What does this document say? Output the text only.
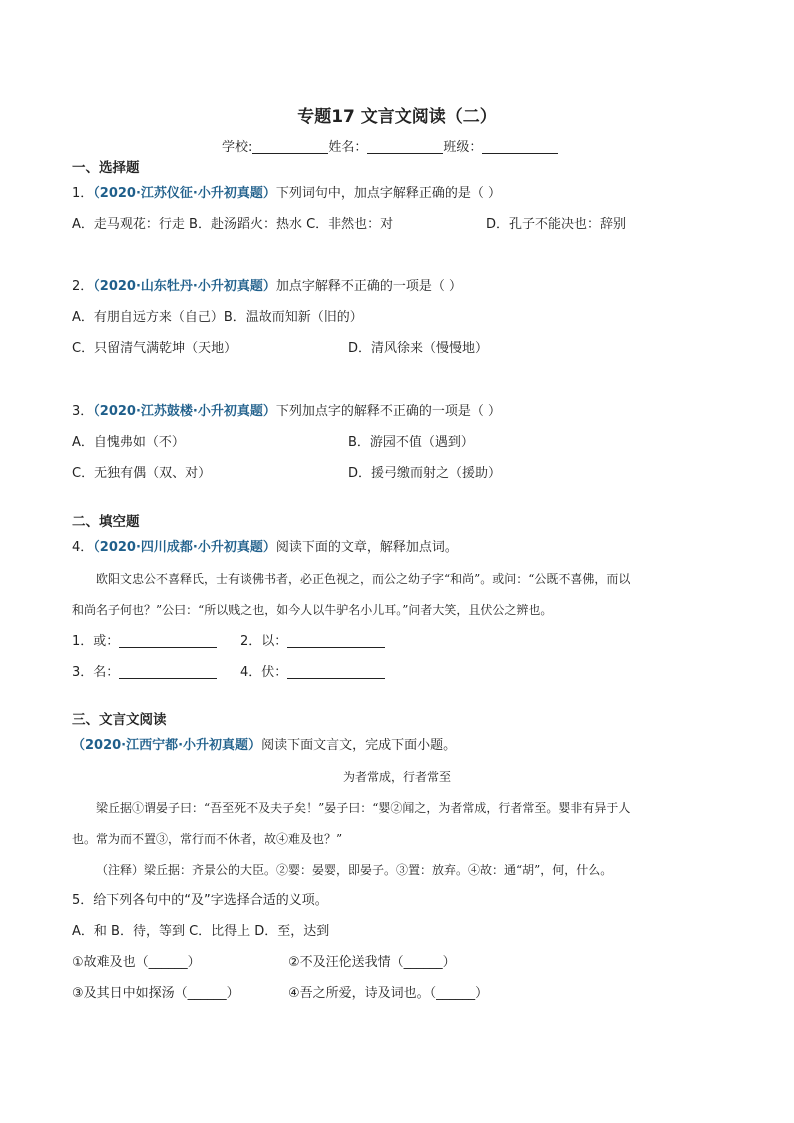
专题17 文言文阅读（二）
学校:	姓名：	班级：
一、选择题
1．（2020·江苏仪征·小升初真题）下列词句中，加点字解释正确的是（ ）
A．走马观花：行走 B．赴汤蹈火：热水 C．非然也：对	D．孔子不能决也：辞别
2．（2020·山东牡丹·小升初真题）加点字解释不正确的一项是（ ）
A．有朋自远方来（自己）B．温故而知新（旧的）
C．只留清气满乾坤（天地）	D．清风徐来（慢慢地）
3．（2020·江苏鼓楼·小升初真题）下列加点字的解释不正确的一项是（ ）
A．自愧弗如（不）	B．游园不值（遇到）
C．无独有偶（双、对）	D．援弓缴而射之（援助）
二、填空题
4．（2020·四川成都·小升初真题）阅读下面的文章，解释加点词。
欧阳文忠公不喜释氏，士有谈佛书者，必正色视之，而公之幼子字“和尚”。或问：“公既不喜佛，而以
和尚名子何也？”公曰：“所以贱之也，如今人以牛驴名小儿耳。”问者大笑，且伏公之辨也。
1．或：	2．以：
3．名：	4．伏：
三、文言文阅读
（2020·江西宁都·小升初真题）阅读下面文言文，完成下面小题。
为者常成，行者常至
梁丘据①谓晏子曰：“吾至死不及夫子矣！”晏子曰：“婴②闻之，为者常成，行者常至。婴非有异于人
也。常为而不置③，常行而不休者，故④难及也？”
（注释）梁丘据：齐景公的大臣。②婴：晏婴，即晏子。③置：放弃。④故：通“胡”，何，什么。
5．给下列各句中的“及”字选择合适的义项。
A．和 B．待，等到 C．比得上 D．至，达到
①故难及也（______）	②不及汪伦送我情（______）
③及其日中如探汤（______）	④吾之所爱，诗及词也。（______）
